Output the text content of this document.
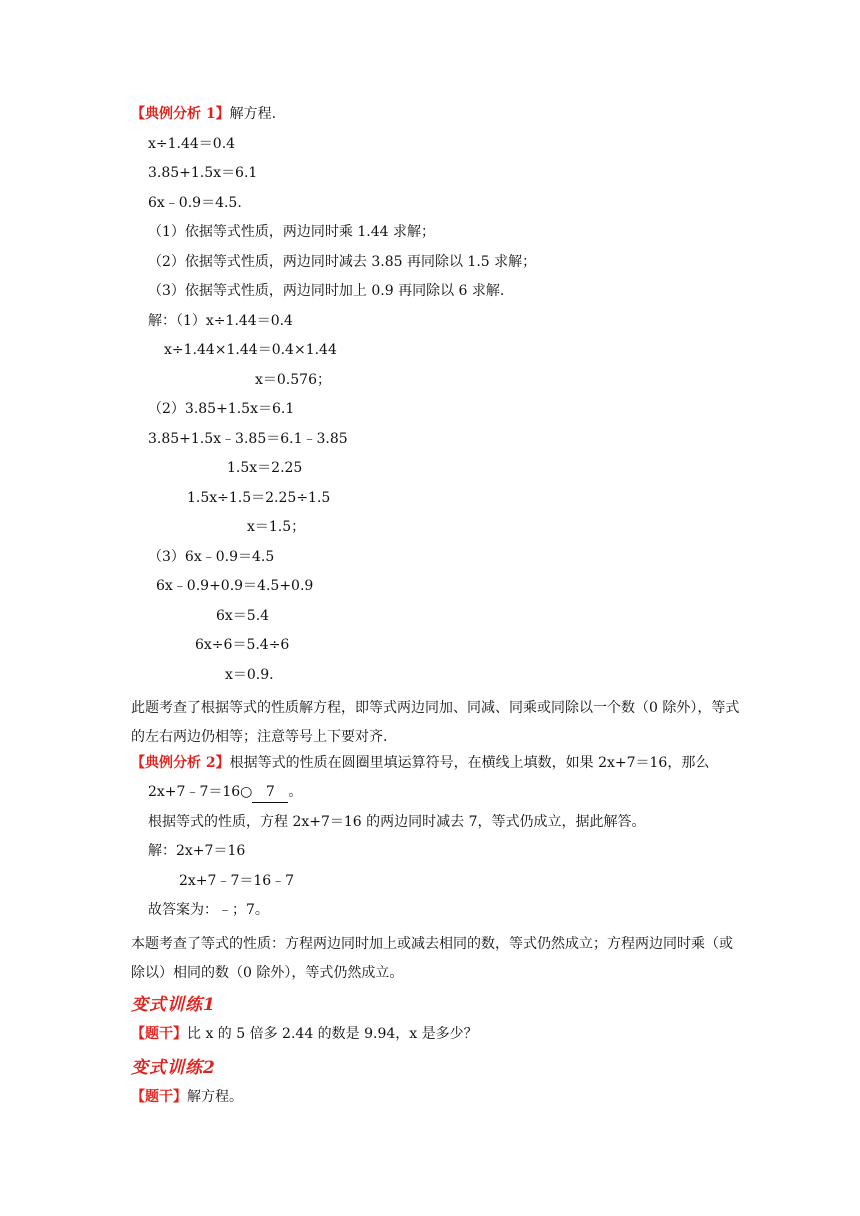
【典例分析 1】解方程.
x÷1.44＝0.4
3.85+1.5x＝6.1
6x﹣0.9＝4.5.
（1）依据等式性质，两边同时乘 1.44 求解；
（2）依据等式性质，两边同时减去 3.85 再同除以 1.5 求解；
（3）依据等式性质，两边同时加上 0.9 再同除以 6 求解.
解：（1）x÷1.44＝0.4
x÷1.44×1.44＝0.4×1.44
x＝0.576；
（2）3.85+1.5x＝6.1
3.85+1.5x﹣3.85＝6.1﹣3.85
1.5x＝2.25
1.5x÷1.5＝2.25÷1.5
x＝1.5；
（3）6x﹣0.9＝4.5
6x﹣0.9+0.9＝4.5+0.9
6x＝5.4
6x÷6＝5.4÷6
x＝0.9.
此题考查了根据等式的性质解方程，即等式两边同加、同减、同乘或同除以一个数（0 除外），等式的左右两边仍相等；注意等号上下要对齐.
【典例分析 2】根据等式的性质在圆圈里填运算符号，在横线上填数，如果 2x+7＝16，那么
2x+7﹣7＝16○ 7 。
根据等式的性质，方程 2x+7＝16 的两边同时减去 7，等式仍成立，据此解答。
解：2x+7＝16
2x+7﹣7＝16﹣7
故答案为：﹣；7。
本题考查了等式的性质：方程两边同时加上或减去相同的数，等式仍然成立；方程两边同时乘（或除以）相同的数（0 除外），等式仍然成立。
变式训练1
【题干】比 x 的 5 倍多 2.44 的数是 9.94，x 是多少？
变式训练2
【题干】解方程。
